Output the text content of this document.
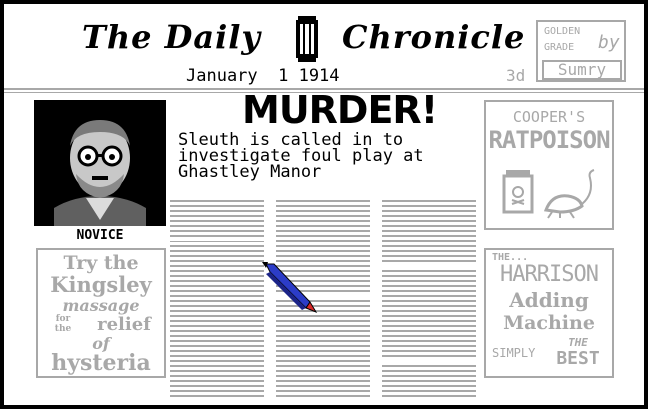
The Daily	Chronicle
January  1 1914	3d
GOLDEN
GRADE by
Sumry
NOVICE
MURDER!
Sleuth is called in to investigate foul play at Ghastley Manor
COOPER'S
RATPOISON
Try the
Kingsley
massage
for
the	relief
of
hysteria
THE...
HARRISON
Adding
Machine
SIMPLY
THE
BEST
